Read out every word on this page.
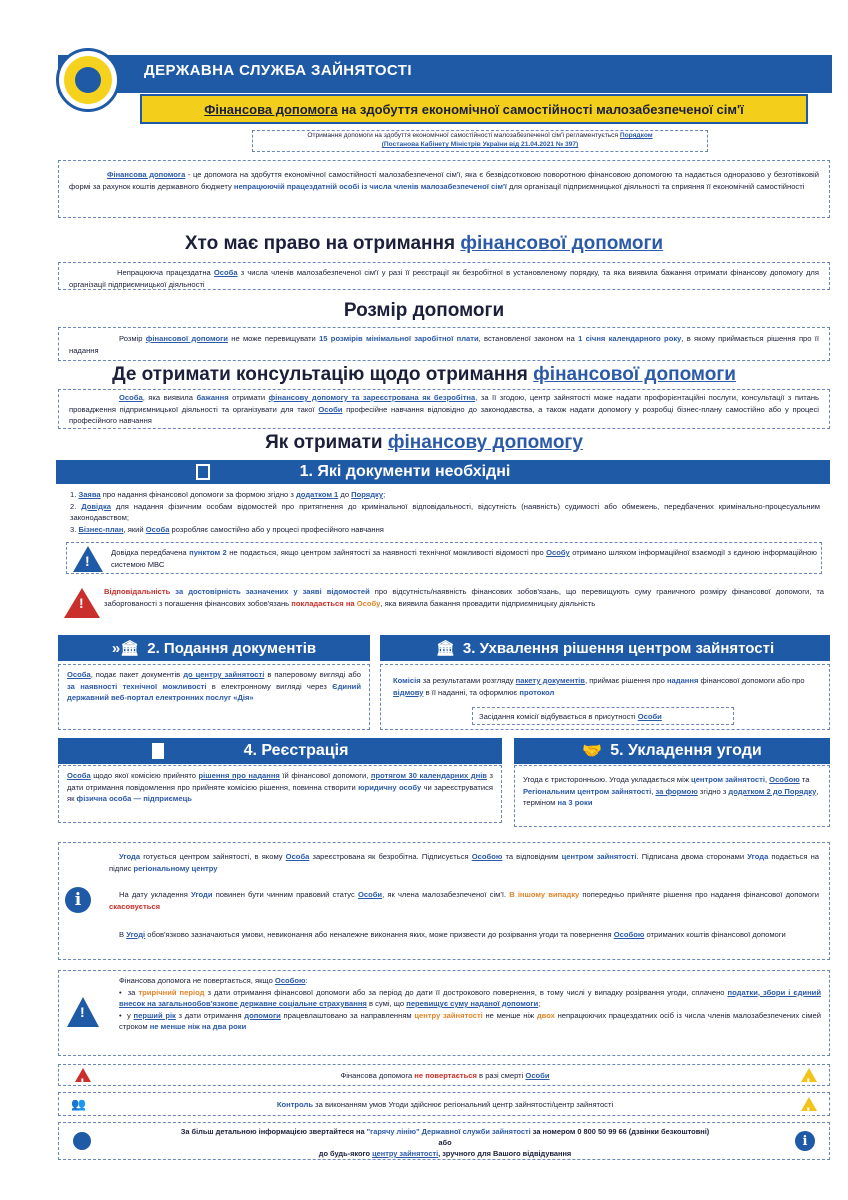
ДЕРЖАВНА СЛУЖБА ЗАЙНЯТОСТІ
Фінансова допомога на здобуття економічної самостійності малозабезпеченої сім'ї
Отримання допомоги на здобуття економічної самостійності малозабезпеченої сім'ї регламентується Порядком
(Постанова Кабінету Міністрів України від 21.04.2021 № 397)
Фінансова допомога - це допомога на здобуття економічної самостійності малозабезпеченої сім'ї, яка є безвідсотковою поворотною фінансовою допомогою та надається одноразово у безготівковій формі за рахунок коштів державного бюджету непрацюючій працездатній особі із числа членів малозабезпеченої сім'ї для організації підприємницької діяльності та сприяння її економічній самостійності
Хто має право на отримання фінансової допомоги
Непрацююча працездатна Особа з числа членів малозабезпеченої сім'ї у разі її реєстрації як безробітної в установленому порядку, та яка виявила бажання отримати фінансову допомогу для організації підприємницької діяльності
Розмір допомоги
Розмір фінансової допомоги не може перевищувати 15 розмірів мінімальної заробітної плати, встановленої законом на 1 січня календарного року, в якому приймається рішення про її надання
Де отримати консультацію щодо отримання фінансової допомоги
Особа, яка виявила бажання отримати фінансову допомогу та зареєстрована як безробітна, за її згодою, центр зайнятості може надати профорієнтаційні послуги, консультації з питань провадження підприємницької діяльності та організувати для такої Особи професійне навчання відповідно до законодавства, а також надати допомогу у розробці бізнес-плану самостійно або у процесі професійного навчання
Як отримати фінансову допомогу
1. Які документи необхідні
1. Заява про надання фінансової допомоги за формою згідно з додатком 1 до Порядку;
2. Довідка для надання фізичним особам відомостей про притягнення до кримінальної відповідальності, відсутність (наявність) судимості або обмежень, передбачених кримінально-процесуальним законодавством;
3. Бізнес-план, який Особа розробляє самостійно або у процесі професійного навчання
!
Довідка передбачена пунктом 2 не подається, якщо центром зайнятості за наявності технічної можливості відомості про Особу отримано шляхом інформаційної взаємодії з єдиною інформаційною системою МВС
!
Відповідальність за достовірність зазначених у заяві відомостей про відсутність/наявність фінансових зобов'язань, що перевищують суму граничного розміру фінансової допомоги, та заборгованості з погашення фінансових зобов'язань покладається на Особу, яка виявила бажання провадити підприємницьку діяльність
»🏛 2. Подання документів
Особа, подає пакет документів до центру зайнятості в паперовому вигляді або за наявності технічної можливості в електронному вигляді через Єдиний державний веб-портал електронних послуг «Дія»
🏛 3. Ухвалення рішення центром зайнятості
Комісія за результатами розгляду пакету документів, приймає рішення про надання фінансової допомоги або про відмову в її наданні, та оформлює протокол
Засідання комісії відбувається в присутності Особи
4. Реєстрація
Особа щодо якої комісією прийнято рішення про надання їй фінансової допомоги, протягом 30 календарних днів з дати отримання повідомлення про прийняте комісією рішення, повинна створити юридичну особу чи зареєструватися як фізична особа — підприємець
🤝 5. Укладення угоди
Угода є тристоронньою. Угода укладається між центром зайнятості, Особою та Регіональним центром зайнятості, за формою згідно з додатком 2 до Порядку, терміном на 3 роки
i
Угода готується центром зайнятості, в якому Особа зареєстрована як безробітна. Підписується Особою та відповідним центром зайнятості. Підписана двома сторонами Угода подається на підпис регіональному центру
На дату укладення Угоди повинен бути чинним правовий статус Особи, як члена малозабезпеченої сім'ї. В іншому випадку попередньо прийняте рішення про надання фінансової допомоги скасовується
В Угоді обов'язково зазначаються умови, невиконання або неналежне виконання яких, може призвести до розірвання угоди та повернення Особою отриманих коштів фінансової допомоги
!
Фінансова допомога не повертається, якщо Особою:
•  за трирічний період з дати отримання фінансової допомоги або за період до дати її дострокового повернення, в тому числі у випадку розірвання угоди, сплачено податки, збори і єдиний внесок на загальнообов'язкове державне соціальне страхування в сумі, що перевищує суму наданої допомоги;
•  у перший рік з дати отримання допомоги працевлаштовано за направленням центру зайнятості не менше ніж двох непрацюючих працездатних осіб із числа членів малозабезпечених сімей строком не менше ніж на два роки
!
Фінансова допомога не повертається в разі смерті Особи
!
👥	Контроль за виконанням умов Угоди здійснює регіональний центр зайнятості/центр зайнятості
!
За більш детальною інформацією звертайтеся на "гарячу лінію" Державної служби зайнятості за номером 0 800 50 99 66 (дзвінки безкоштовні)
або
до будь-якого центру зайнятості, зручного для Вашого відвідування
i
